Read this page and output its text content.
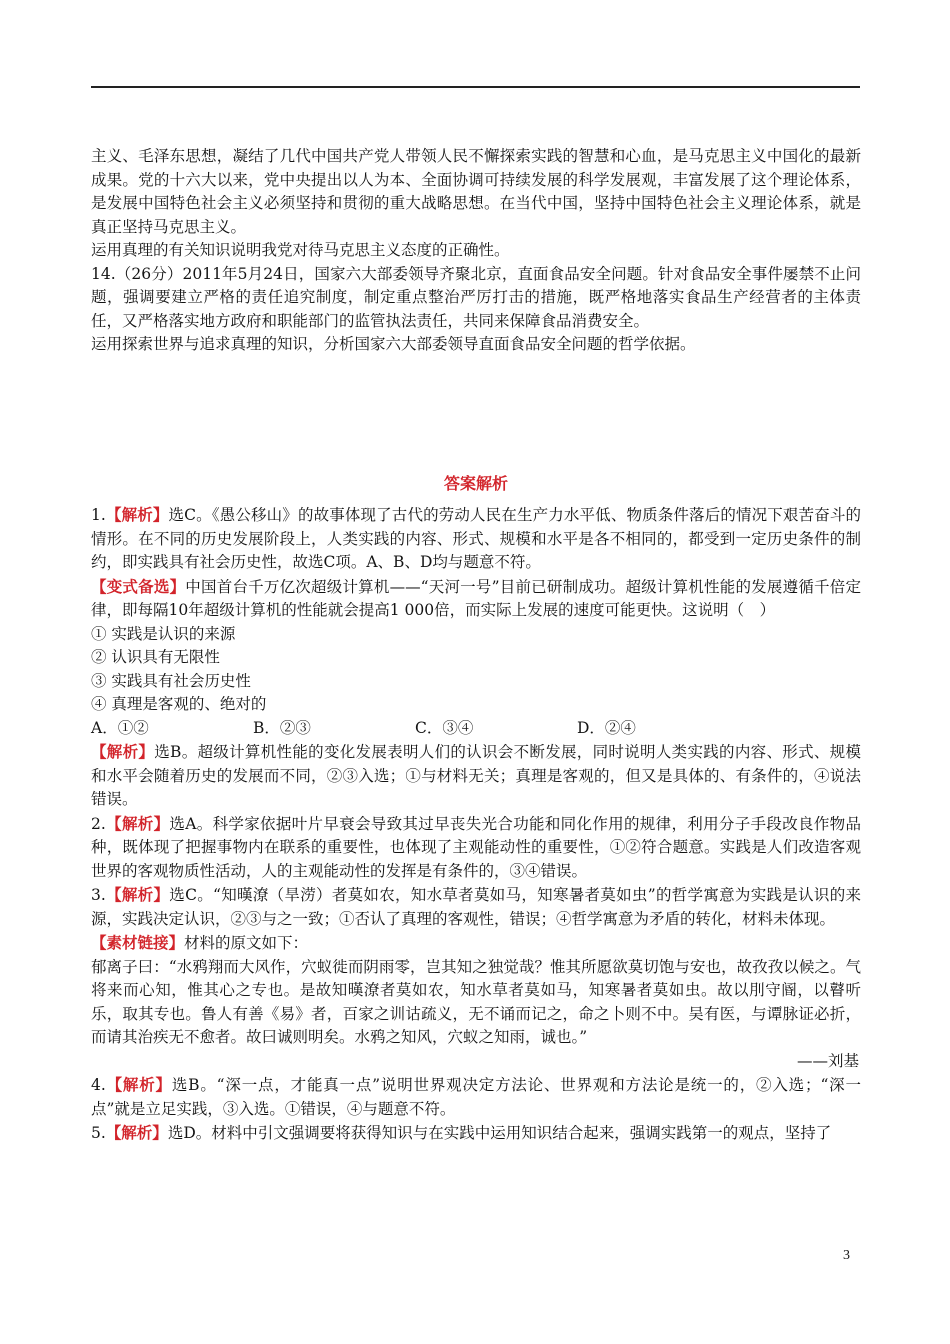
主义、毛泽东思想，凝结了几代中国共产党人带领人民不懈探索实践的智慧和心血，是马克思主义中国化的最新成果。党的十六大以来，党中央提出以人为本、全面协调可持续发展的科学发展观，丰富发展了这个理论体系，是发展中国特色社会主义必须坚持和贯彻的重大战略思想。在当代中国，坚持中国特色社会主义理论体系，就是真正坚持马克思主义。

运用真理的有关知识说明我党对待马克思主义态度的正确性。

14.（26分）2011年5月24日，国家六大部委领导齐聚北京，直面食品安全问题。针对食品安全事件屡禁不止问题，强调要建立严格的责任追究制度，制定重点整治严厉打击的措施，既严格地落实食品生产经营者的主体责任，又严格落实地方政府和职能部门的监管执法责任，共同来保障食品消费安全。

运用探索世界与追求真理的知识，分析国家六大部委领导直面食品安全问题的哲学依据。

答案解析

1.【解析】选C。《愚公移山》的故事体现了古代的劳动人民在生产力水平低、物质条件落后的情况下艰苦奋斗的情形。在不同的历史发展阶段上，人类实践的内容、形式、规模和水平是各不相同的，都受到一定历史条件的制约，即实践具有社会历史性，故选C项。A、B、D均与题意不符。

【变式备选】中国首台千万亿次超级计算机——“天河一号”目前已研制成功。超级计算机性能的发展遵循千倍定律，即每隔10年超级计算机的性能就会提高1 000倍，而实际上发展的速度可能更快。这说明（　）

① 实践是认识的来源

② 认识具有无限性

③ 实践具有社会历史性

④ 真理是客观的、绝对的

A．①②	B．②③	C．③④	D．②④

【解析】选B。超级计算机性能的变化发展表明人们的认识会不断发展，同时说明人类实践的内容、形式、规模和水平会随着历史的发展而不同，②③入选；①与材料无关；真理是客观的，但又是具体的、有条件的，④说法错误。

2.【解析】选A。科学家依据叶片早衰会导致其过早丧失光合功能和同化作用的规律，利用分子手段改良作物品种，既体现了把握事物内在联系的重要性，也体现了主观能动性的重要性，①②符合题意。实践是人们改造客观世界的客观物质性活动，人的主观能动性的发挥是有条件的，③④错误。

3.【解析】选C。“知暵潦（旱涝）者莫如农，知水草者莫如马，知寒暑者莫如虫”的哲学寓意为实践是认识的来源，实践决定认识，②③与之一致；①否认了真理的客观性，错误；④哲学寓意为矛盾的转化，材料未体现。

【素材链接】材料的原文如下：

郁离子曰：“水鸦翔而大风作，穴蚁徙而阴雨零，岂其知之独觉哉？惟其所愿欲莫切饱与安也，故孜孜以候之。气将来而心知，惟其心之专也。是故知暵潦者莫如农，知水草者莫如马，知寒暑者莫如虫。故以刖守阍，以瞽听乐，取其专也。鲁人有善《易》者，百家之训诂疏义，无不诵而记之，命之卜则不中。吴有医，与谭脉证必折，而请其治疾无不愈者。故曰诚则明矣。水鸦之知风，穴蚁之知雨，诚也。”

——刘基

4.【解析】选B。“深一点，才能真一点”说明世界观决定方法论、世界观和方法论是统一的，②入选；“深一点”就是立足实践，③入选。①错误，④与题意不符。

5.【解析】选D。材料中引文强调要将获得知识与在实践中运用知识结合起来，强调实践第一的观点，坚持了

3
